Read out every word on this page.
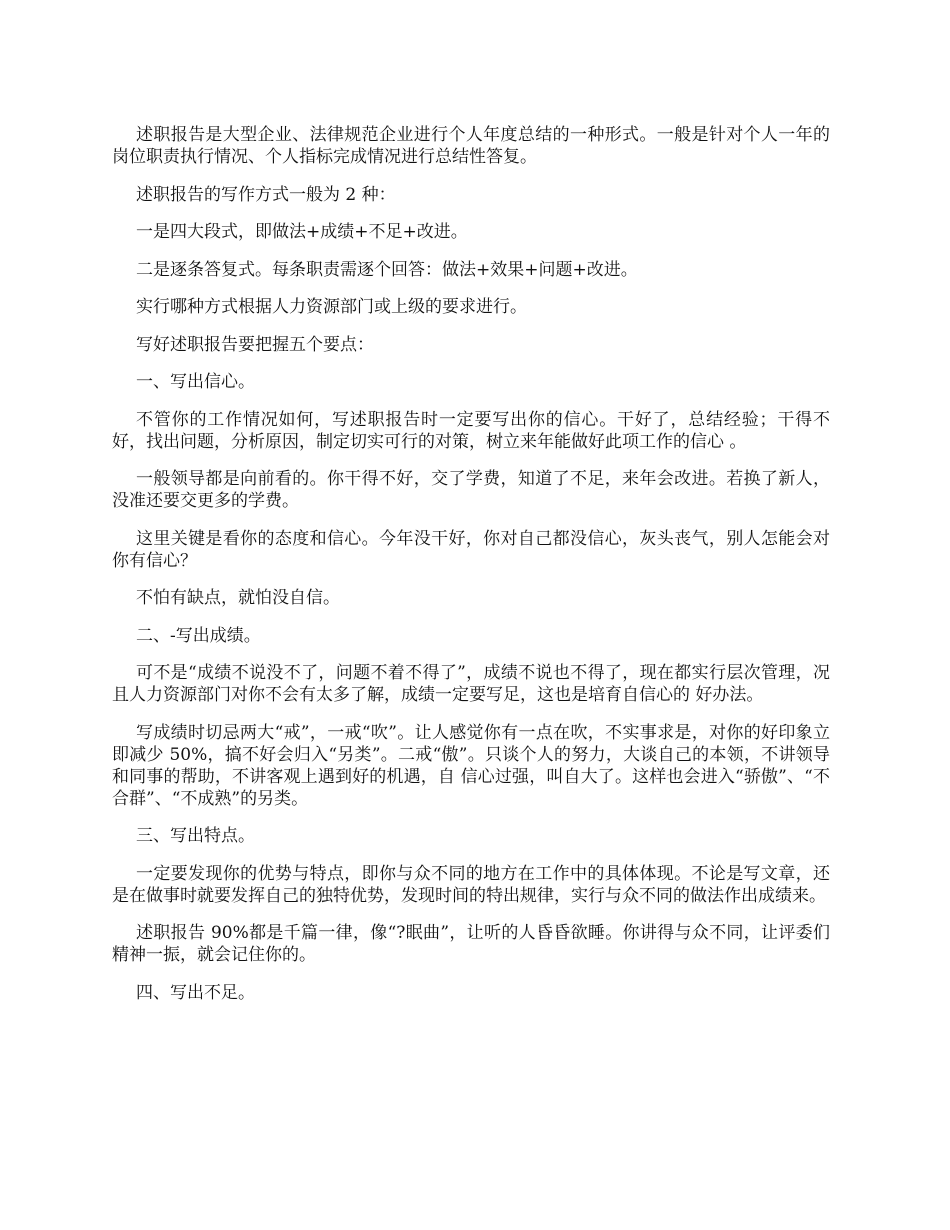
述职报告是大型企业、法律规范企业进行个人年度总结的一种形式。一般是针对个人一年的岗位职责执行情况、个人指标完成情况进行总结性答复。

述职报告的写作方式一般为 2 种：

一是四大段式，即做法+成绩+不足+改进。

二是逐条答复式。每条职责需逐个回答：做法+效果+问题+改进。

实行哪种方式根据人力资源部门或上级的要求进行。

写好述职报告要把握五个要点：

一、写出信心。

不管你的工作情况如何，写述职报告时一定要写出你的信心。干好了，总结经验；干得不好，找出问题，分析原因，制定切实可行的对策，树立来年能做好此项工作的信心 。

一般领导都是向前看的。你干得不好，交了学费，知道了不足，来年会改进。若换了新人，没准还要交更多的学费。

这里关键是看你的态度和信心。今年没干好，你对自己都没信心，灰头丧气，别人怎能会对你有信心？

不怕有缺点，就怕没自信。

二、-写出成绩。

可不是“成绩不说没不了，问题不着不得了”，成绩不说也不得了，现在都实行层次管理，况且人力资源部门对你不会有太多了解，成绩一定要写足，这也是培育自信心的 好办法。

写成绩时切忌两大“戒”，一戒“吹”。让人感觉你有一点在吹，不实事求是，对你的好印象立即减少 50%，搞不好会归入“另类”。二戒“傲”。只谈个人的努力，大谈自己的本领，不讲领导和同事的帮助，不讲客观上遇到好的机遇，自 信心过强，叫自大了。这样也会进入“骄傲”、“不合群”、“不成熟”的另类。

三、写出特点。

一定要发现你的优势与特点，即你与众不同的地方在工作中的具体体现。不论是写文章，还是在做事时就要发挥自己的独特优势，发现时间的特出规律，实行与众不同的做法作出成绩来。

述职报告 90%都是千篇一律，像“?眠曲”，让听的人昏昏欲睡。你讲得与众不同，让评委们精神一振，就会记住你的。

四、写出不足。
